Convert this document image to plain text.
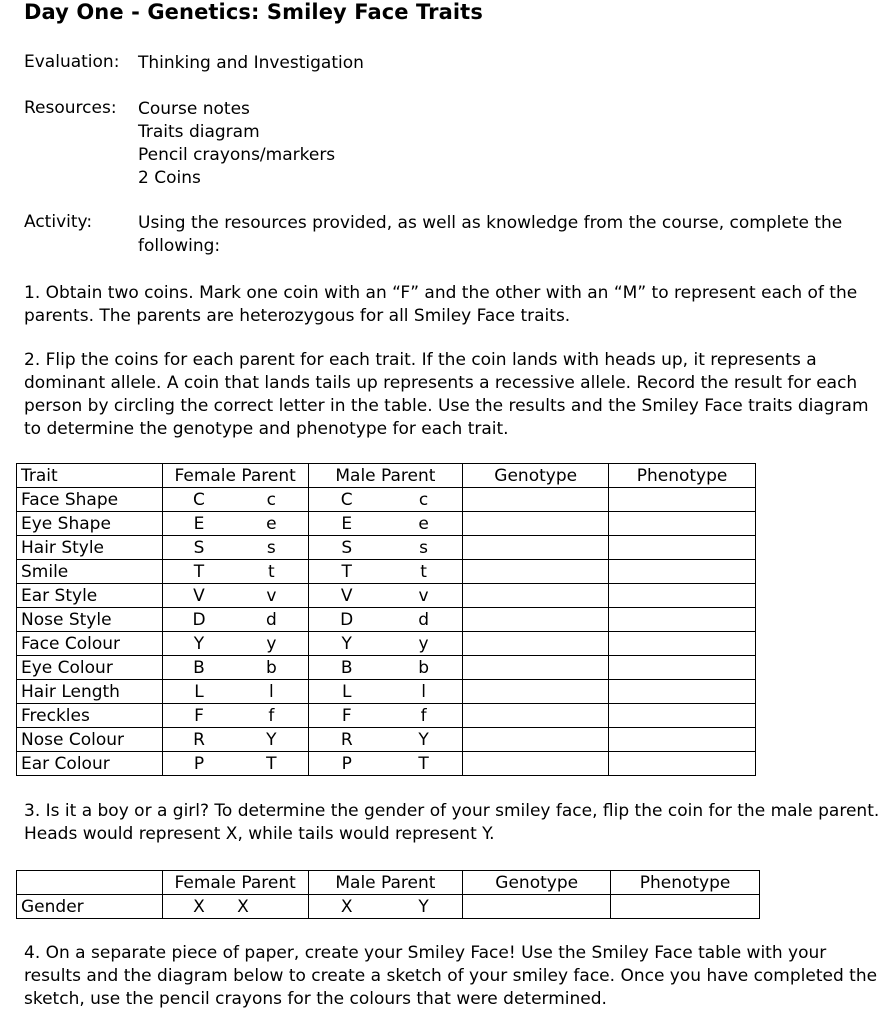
Day One - Genetics: Smiley Face Traits
Evaluation: Thinking and Investigation
Resources: Course notes
Traits diagram
Pencil crayons/markers
2 Coins
Activity:	Using the resources provided, as well as knowledge from the course, complete the
following:
1. Obtain two coins. Mark one coin with an “F” and the other with an “M” to represent each of the parents. The parents are heterozygous for all Smiley Face traits.
2. Flip the coins for each parent for each trait. If the coin lands with heads up, it represents a dominant allele. A coin that lands tails up represents a recessive allele. Record the result for each person by circling the correct letter in the table. Use the results and the Smiley Face traits diagram to determine the genotype and phenotype for each trait.
Trait	Female Parent		Male Parent		Genotype	Phenotype
Face Shape	C	c	C	c		
Eye Shape	E	e	E	e		
Hair Style	S	s	S	s		
Smile	T	t	T	t		
Ear Style	V	v	V	v		
Nose Style	D	d	D	d		
Face Colour	Y	y	Y	y		
Eye Colour	B	b	B	b		
Hair Length	L	l	L	l		
Freckles	F	f	F	f		
Nose Colour	R	Y	R	Y		
Ear Colour	P	T	P	T		
3. Is it a boy or a girl? To determine the gender of your smiley face, flip the coin for the male parent. Heads would represent X, while tails would represent Y.
	Female Parent		Male Parent		Genotype	Phenotype
Gender	X	X	X	Y		
4. On a separate piece of paper, create your Smiley Face! Use the Smiley Face table with your results and the diagram below to create a sketch of your smiley face. Once you have completed the sketch, use the pencil crayons for the colours that were determined.
